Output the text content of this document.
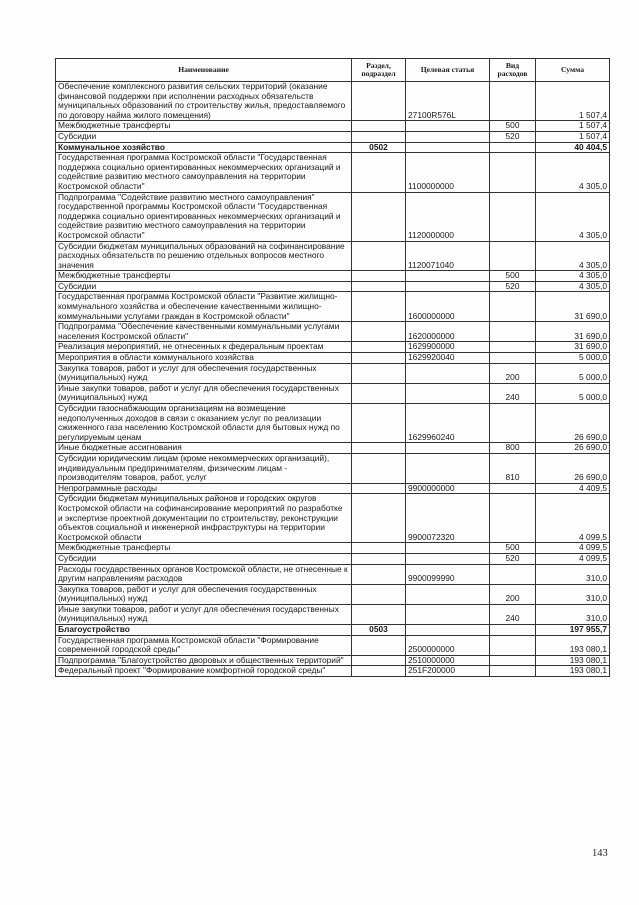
Наименование	Раздел, подраздел	Целевая статья	Вид расходов	Сумма
Обеспечение комплексного развития сельских территорий (оказание финансовой поддержки при исполнении расходных обязательств муниципальных образований по строительству жилья, предоставляемого по договору найма жилого помещения)		27100R576L		1 507,4
Межбюджетные трансферты			500	1 507,4
Субсидии			520	1 507,4
Коммунальное хозяйство	0502			40 404,5
Государственная программа Костромской области "Государственная поддержка социально ориентированных некоммерческих организаций и содействие развитию местного самоуправления на территории Костромской области"		1100000000		4 305,0
Подпрограмма "Содействие развитию местного самоуправления" государственной программы Костромской области "Государственная поддержка социально ориентированных некоммерческих организаций и содействие развитию местного самоуправления на территории Костромской области"		1120000000		4 305,0
Субсидии бюджетам муниципальных образований на софинансирование расходных обязательств по решению отдельных вопросов местного значения		1120071040		4 305,0
Межбюджетные трансферты			500	4 305,0
Субсидии			520	4 305,0
Государственная программа Костромской области "Развитие жилищно-коммунального хозяйства и обеспечение качественными жилищно-коммунальными услугами граждан в Костромской области"		1600000000		31 690,0
Подпрограмма "Обеспечение качественными коммунальными услугами населения Костромской области"		1620000000		31 690,0
Реализация мероприятий, не отнесенных к федеральным проектам		1629900000		31 690,0
Мероприятия в области коммунального хозяйства		1629920040		5 000,0
Закупка товаров, работ и услуг для обеспечения государственных (муниципальных) нужд			200	5 000,0
Иные закупки товаров, работ и услуг для обеспечения государственных (муниципальных) нужд			240	5 000,0
Субсидии газоснабжающим организациям на возмещение недополученных доходов в связи с оказанием услуг по реализации сжиженного газа населению Костромской области для бытовых нужд по регулируемым ценам		1629960240		26 690,0
Иные бюджетные ассигнования			800	26 690,0
Субсидии юридическим лицам (кроме некоммерческих организаций), индивидуальным предпринимателям, физическим лицам - производителям товаров, работ, услуг			810	26 690,0
Непрограммные расходы		9900000000		4 409,5
Субсидии бюджетам муниципальных районов и городских округов Костромской области на софинансирование мероприятий по разработке и экспертизе проектной документации по строительству, реконструкции объектов социальной и инженерной инфраструктуры на территории Костромской области		9900072320		4 099,5
Межбюджетные трансферты			500	4 099,5
Субсидии			520	4 099,5
Расходы государственных органов Костромской области, не отнесенные к другим направлениям расходов		9900099990		310,0
Закупка товаров, работ и услуг для обеспечения государственных (муниципальных) нужд			200	310,0
Иные закупки товаров, работ и услуг для обеспечения государственных (муниципальных) нужд			240	310,0
Благоустройство	0503			197 955,7
Государственная программа Костромской области "Формирование современной городской среды"		2500000000		193 080,1
Подпрограмма "Благоустройство дворовых и общественных территорий"		2510000000		193 080,1
Федеральный проект "Формирование комфортной городской среды"		251F200000		193 080,1
143
